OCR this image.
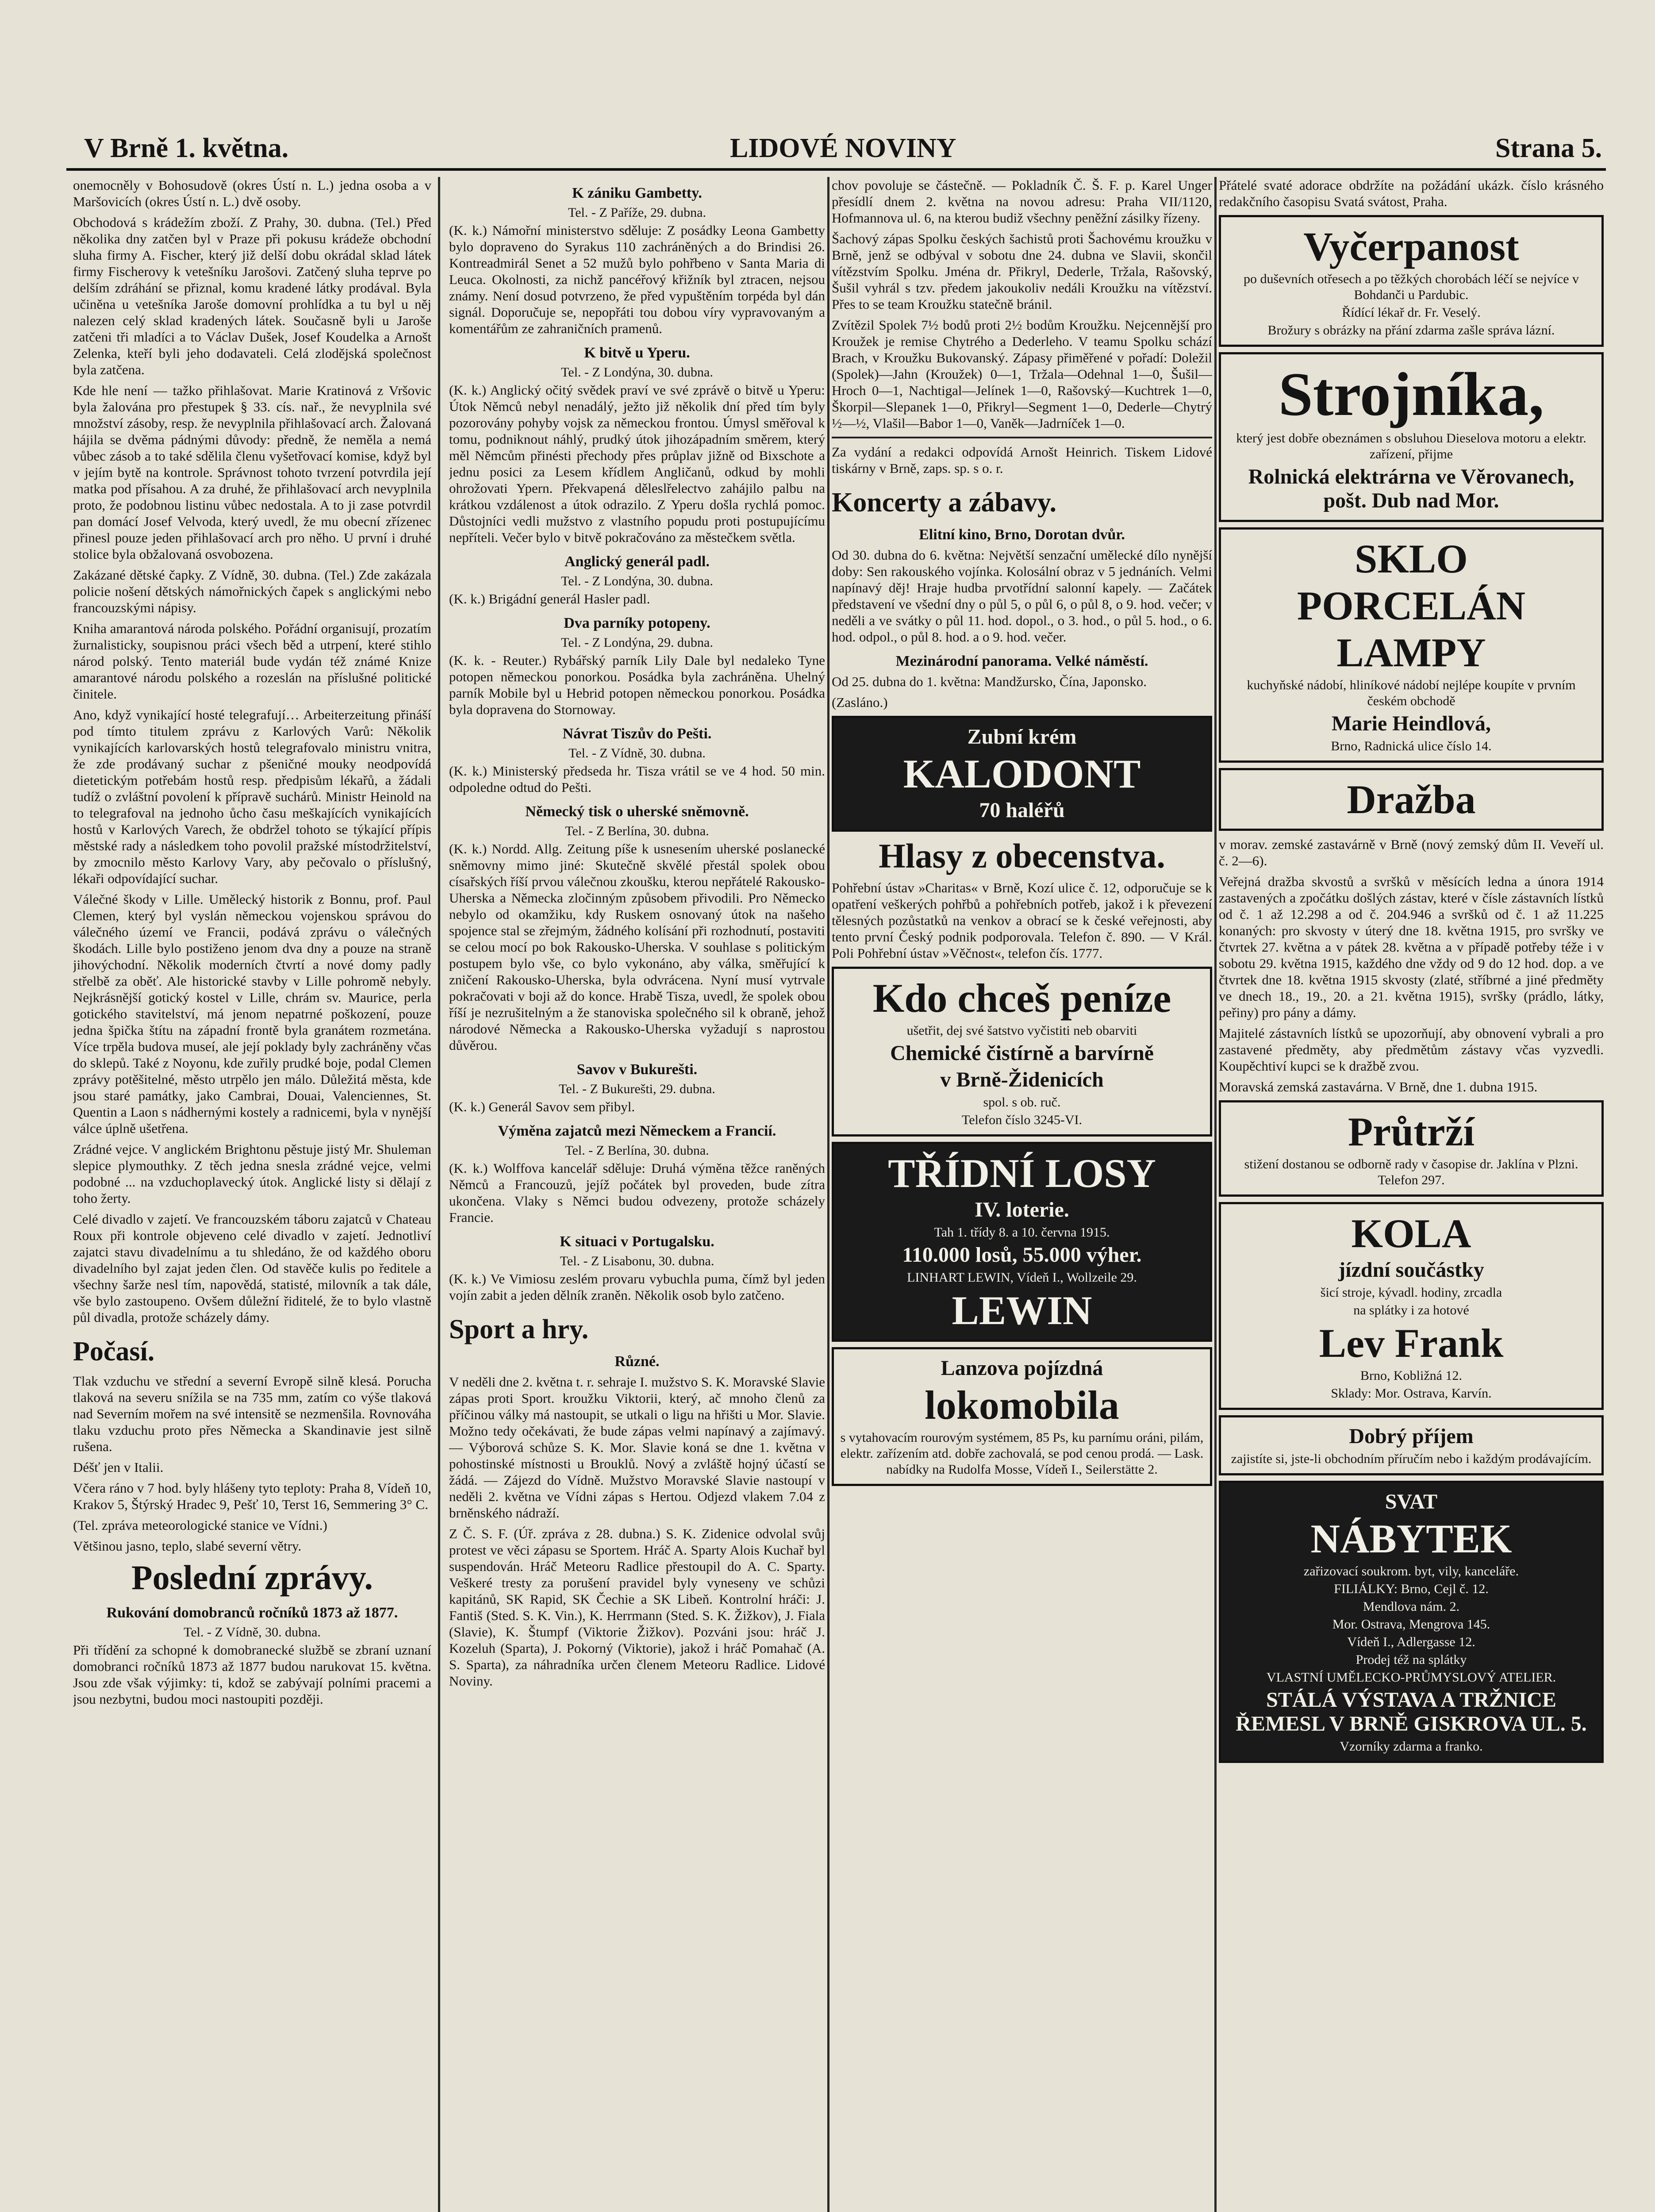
V Brně 1. května.	LIDOVÉ NOVINY	Strana 5.

onemocněly v Bohosudově (okres Ústí n. L.) jedna osoba a v Maršovicích (okres Ústí n. L.) dvě osoby.

Obchodová s krádežím zboží. Z Prahy, 30. dubna. (Tel.) Před několika dny zatčen byl v Praze při pokusu krádeže obchodní sluha firmy A. Fischer, který již delší dobu okrádal sklad látek firmy Fischerovy k vetešníku Jarošovi. Zatčený sluha teprve po delším zdráhání se přiznal, komu kradené látky prodával. Byla učiněna u vetešníka Jaroše domovní prohlídka a tu byl u něj nalezen celý sklad kradených látek. Současně byli u Jaroše zatčeni tři mladíci a to Václav Dušek, Josef Koudelka a Arnošt Zelenka, kteří byli jeho dodavateli. Celá zlodějská společnost byla zatčena.

Kde hle není — tažko přihlašovat. Marie Kratinová z Vršovic byla žalována pro přestupek § 33. cís. nař., že nevyplnila své množství zásoby, resp. že nevyplnila přihlašovací arch. Žalovaná hájila se dvěma pádnými důvody: předně, že neměla a nemá vůbec zásob a to také sdělila členu vyšetřovací komise, když byl v jejím bytě na kontrole. Správnost tohoto tvrzení potvrdila její matka pod přísahou. A za druhé, že přihlašovací arch nevyplnila proto, že podobnou listinu vůbec nedostala. A to ji zase potvrdil pan domácí Josef Velvoda, který uvedl, že mu obecní zřízenec přinesl pouze jeden přihlašovací arch pro něho. U první i druhé stolice byla obžalovaná osvobozena.

Zakázané dětské čapky. Z Vídně, 30. dubna. (Tel.) Zde zakázala policie nošení dětských námořnických čapek s anglickými nebo francouzskými nápisy.

Kniha amarantová národa polského. Pořádní organisují, prozatím žurnalisticky, soupisnou práci všech běd a utrpení, které stihlo národ polský. Tento materiál bude vydán též známé Knize amarantové národu polského a rozeslán na přísluš​né politické činitele.

Ano, když vynikající hosté telegrafují… Arbeiterzeitung přináší pod tímto titulem zprávu z Karlových Varů: Několik vynikajících karlovarských hostů telegrafovalo ministru vnitra, že zde prodávaný suchar z pšeničné mouky neodpovídá dietetickým potřebám hostů resp. předpisům lékařů, a žádali tudíž o zvláštní povolení k přípravě suchárů. Ministr Heinold na to telegrafoval na jednoho ůcho času meškajících vynikajících hostů v Karlových Varech, že obdržel tohoto se týkající přípis městské rady a následkem toho povolil pražské místodržitelství, by zmocnilo město Karlovy Vary, aby pečovalo o příslušný, lékaři odpovídající suchar.

Válečné škody v Lille. Umělecký historik z Bonnu, prof. Paul Clemen, který byl vyslán německou vojenskou správou do válečného území ve Francii, podává zprávu o válečných škodách. Lille bylo postiženo jenom dva dny a pouze na straně jihovýchodní. Několik moderních čtvrtí a nové domy padly střelbě za oběť. Ale historické stavby v Lille pohromě nebyly. Nejkrásnější gotický kostel v Lille, chrám sv. Maurice, perla gotického stavitelství, má jenom nepatrné poškození, pouze jedna špička štítu na západní frontě byla granátem rozmetána. Více trpěla budova museí, ale její poklady byly zachráněny včas do sklepů. Také z Noyonu, kde zuřily prudké boje, podal Clemen zprávy potěšitelné, město utrpělo jen málo. Důležitá města, kde jsou staré památky, jako Cambrai, Douai, Valenciennes, St. Quentin a Laon s nádhernými kostely a radnicemi, byla v nynější válce úplně ušetřena.

Zrádné vejce. V anglickém Brightonu pěstuje jistý Mr. Shuleman slepice plymouthky. Z těch jedna snesla zrádné vejce, velmi podobné ... na vzduchoplavecký útok. Anglické listy si dělají z toho žerty.

Celé divadlo v zajetí. Ve francouzském táboru zajatců v Chateau Roux při kontrole objeveno celé divadlo v zajetí. Jednotliví zajatci stavu divadelnímu a tu shledáno, že od každého oboru divadelního byl zajat jeden člen. Od stavěče kulis po ředitele a všechny šarže nesl tím, napovědá, statisté, milovník a tak dále, vše bylo zastoupeno. Ovšem důležní řiditelé, že to bylo vlastně půl divadla, protože scházely dámy.

Počasí.

Tlak vzduchu ve střední a severní Evropě silně klesá. Porucha tlaková na severu snížila se na 735 mm, zatím co výše tlaková nad Severním mořem na své intensitě se nezmenšila. Rovnováha tlaku vzduchu proto přes Německa a Skandinavie jest silně rušena.

Déšť jen v Italii.

Včera ráno v 7 hod. byly hlášeny tyto teploty: Praha 8, Vídeň 10, Krakov 5, Štýrský Hradec 9, Pešť 10, Terst 16, Semmering 3° C.

(Tel. zpráva meteorologické stanice ve Vídni.)

Většinou jasno, teplo, slabé severní větry.

Poslední zprávy.
Rukování domobranců ročníků 1873 až 1877.
Tel. - Z Vídně, 30. dubna.

Při třídění za schopné k domobranecké službě se zbraní uznaní domobranci ročníků 1873 až 1877 budou narukovat 15. května. Jsou zde však výjimky: ti, kdož se zabývají polními pracemi a jsou nezbytni, budou moci nastoupiti později.

K zániku Gambetty.
Tel. - Z Paříže, 29. dubna.

(K. k.) Námořní ministerstvo sděluje: Z posádky Leona Gambetty bylo dopraveno do Syrakus 110 zachráněných a do Brindisi 26. Kontreadmirál Senet a 52 mužů bylo pohřbeno v Santa Maria di Leuca. Okolnosti, za nichž pancéřový křižník byl ztracen, nejsou známy. Není dosud potvrzeno, že před vypuštěním torpéda byl dán signál. Doporučuje se, nepopřáti tou dobou víry vypravovaným a komentářům ze zahraničních pramenů.

K bitvě u Yperu.
Tel. - Z Londýna, 30. dubna.

(K. k.) Anglický očitý svědek praví ve své zprávě o bitvě u Yperu: Útok Němců nebyl nenadálý, ježto již několik dní před tím byly pozorovány pohyby vojsk za německou frontou. Úmysl směřoval k tomu, podniknout náhlý, prudký útok jihozápadním směrem, který měl Němcům přinésti přechody přes průplav jižně od Bixschote a jednu posici za Lesem křídlem Angličanů, odkud by mohli ohrožovati Ypern. Překvapená děleslřelectvo zahájilo palbu na krátkou vzdálenost a útok odrazilo. Z Yperu došla rychlá pomoc. Důstojníci vedli mužstvo z vlastního popudu proti postupujícímu nepříteli. Večer bylo v bitvě pokračováno za městečkem světla.

Anglický generál padl.
Tel. - Z Londýna, 30. dubna.

(K. k.) Brigádní generál Hasler padl.

Dva parníky potopeny.
Tel. - Z Londýna, 29. dubna.

(K. k. - Reuter.) Rybářský parník Lily Dale byl nedaleko Tyne potopen německou ponorkou. Posádka byla zachráněna. Uhelný parník Mobile byl u Hebrid potopen německou ponorkou. Posádka byla dopravena do Stornoway.

Návrat Tiszův do Pešti.
Tel. - Z Vídně, 30. dubna.

(K. k.) Ministerský předseda hr. Tisza vrátil se ve 4 hod. 50 min. odpoledne odtud do Pešti.

Německý tisk o uherské sněmovně.
Tel. - Z Berlína, 30. dubna.

(K. k.) Nordd. Allg. Zeitung píše k usnesením uherské poslanecké sněmovny mimo jiné: Skutečně skvělé přestál spolek obou císařských říší prvou válečnou zkoušku, kterou nepřátelé Rakousko-Uherska a Německa zločinným způsobem přivodili. Pro Německo nebylo od okamžiku, kdy Ruskem osnovaný útok na našeho spojence stal se zřejmým, žádného kolísání při rozhodnutí, postaviti se celou mocí po bok Rakousko-Uherska. V souhlase s politickým postupem bylo vše, co bylo vykonáno, aby válka, směřující k zničení Rakousko-Uherska, byla odvrácena. Nyní musí vytrvale pokračovati v boji až do konce. Hrabě Tisza, uvedl, že spolek obou říší je nezrušitelným a že stanoviska sp​olečného sil k obraně, jehož národové Německa a Rakousko-Uherska vyžadují s naprostou důvěrou.

Savov v Bukurešti.
Tel. - Z Bukurešti, 29. dubna.

(K. k.) Generál Savov sem přibyl.

Výměna zajatců mezi Německem a Francií.
Tel. - Z Berlína, 30. dubna.

(K. k.) Wolffova kancelář sděluje: Druhá výměna těžce raněných Němců a Francouzů, jejíž počátek byl proveden, bude zítra ukončena. Vlaky s Němci budou odvezeny, protože scházely Francie.

K situaci v Portugalsku.
Tel. - Z Lisabonu, 30. dubna.

(K. k.) Ve Vimiosu zeslém provaru vybuchla puma, čímž byl jeden vojín zabit a jeden dělník zraněn. Několik osob bylo zatčeno.

Sport a hry.
Různé.

V neděli dne 2. května t. r. sehraje I. mužstvo S. K. Moravské Slavie zápas proti Sport. kroužku Viktorii, který, ač mnoho členů za příčinou války má nastoupit, se utkali o ligu na hřišti u Mor. Slavie. Možno tedy očekávati, že bude zápas velmi napínavý a zajímavý. — Výborová schůze S. K. Mor. Slavie koná se dne 1. května v pohostinské místnosti u Brouklů. Nový a zvláště hojný účastí se žádá. — Zájezd do Vídně. Mužstvo Moravské Slavie nastoupí v neděli 2. května ve Vídni zápas s Hertou. Odjezd vlakem 7.04 z brněnského nádraží.

Z Č. S. F. (Úř. zpráva z 28. dubna.) S. K. Zidenice odvolal svůj protest ve věci zápasu se Sportem. Hráč A. Sparty Alois Kuchař byl suspendován. Hráč Meteoru Radlice přestoupil do A. C. Sparty. Veškeré tresty za porušení pravidel byly vyneseny ve schůzi kapitánů, SK Rapid, SK Čechie a SK Libeň. Kontrolní hráči: J. Fantiš (Sted. S. K. Vin.), K. Herrmann (Sted. S. K. Žižkov), J. Fiala (Slavie), K. Štumpf (Viktorie Žižkov). Pozváni jsou: hráč J. Kozeluh (Sparta), J. Pokorný (Viktorie), jakož i hráč Pomahač (A. S. Sparta), za náhradníka určen členem Meteoru Radlice. Lidové Noviny.

chov povoluje se částečně. — Pokladník Č. Š. F. p. Karel Unger přesídlí dnem 2. května na novou adresu: Praha VII/1120, Hofmannova ul. 6, na kterou budiž všechny peněžní zásilky řízeny.

Šachový zápas Spolku českých šachistů proti Šachovému kroužku v Brně, jenž se odbýval v sobotu dne 24. dubna ve Slavii, skončil vítězstvím Spolku. Jména dr. Přikryl, Dederle, Tržala, Rašovský, Šušil vyhrál s tzv. předem jakoukoliv nedáli Kroužku na vítězství. Přes to se team Kroužku statečně bránil.

Zvítězil Spolek 7½ bodů proti 2½ bodům Kroužku. Nejcennější pro Kroužek je remise Chytrého a Dederleho. V teamu Spolku schází Brach, v Kroužku Bukovanský. Zápasy přiměřené v pořadí: Doležil (Spolek)—Jahn (Kroužek) 0—1, Tržala—Odehnal 1—0, Šušil—Hroch 0—1, Nachtigal—Jelínek 1—0, Rašovský—Kuchtrek 1—0, Škorpil—Slepanek 1—0, Přikryl—Segment 1—0, Dederle—Chytrý ½—½, Vlašil—Babor 1—0, Vaněk—Jadrníček 1—0.

Za vydání a redakci odpovídá Arnošt Heinrich. Tiskem Lidové tiskárny v Brně, zaps. sp. s o. r.

Koncerty a zábavy.
Elitní kino, Brno, Dorotan dvůr.

Od 30. dubna do 6. května: Největší senzační umělecké dílo nynější doby: Sen rakouského vojínka. Kolosální obraz v 5 jednáních. Velmi napínavý děj! Hraje hudba prvotřídní salonní kapely. — Začátek představení ve všední dny o půl 5, o půl 6, o půl 8, o 9. hod. večer; v neděli a ve svátky o půl 11. hod. dopol., o 3. hod., o půl 5. hod., o 6. hod. odpol., o půl 8. hod. a o 9. hod. večer.

Mezinárodní panorama. Velké náměstí.

Od 25. dubna do 1. května: Mandžursko, Čína, Japonsko.

(Zasláno.)

Zubní krém
KALODONT
70 haléřů
Hlasy z obecenstva.

Pohřební ústav »Charitas« v Brně, Kozí ulice č. 12, odporučuje se k opatření veškerých pohřbů a pohřebních potřeb, jakož i k převezení tělesných pozůstatků na venkov a obrací se k české veřejnosti, aby tento první Český podnik podporovala. Telefon č. 890. — V Král. Poli Pohřební ústav »Věčnost«, telefon čís. 1777.

Kdo chceš peníze
ušetřit, dej své šatstvo vyčistiti neb obarviti
Chemické čistírně a barvírně
v Brně-Židenicích
spol. s ob. ruč.
Telefon číslo 3245-VI.
TŘÍDNÍ LOSY
IV. loterie.
Tah 1. třídy 8. a 10. června 1915.
110.000 losů, 55.000 výher.
LINHART LEWIN, Vídeň I., Wollzeile 29.
LEWIN
Lanzova pojízdná
lokomobila
s vytahovacím rourovým systémem, 85 Ps, ku parnímu oráni, pilám, elektr. zařízením atd. dobře zachovalá, se pod cenou prodá. — Lask. nabídky na Rudolfa Mosse, Vídeň I., Seilerstätte 2.

Přátelé svaté adorace obdržíte na požádání ukázk. číslo krásného redakčního časopisu Svatá svátost, Praha.

Vyčerpanost
po duševních otřesech a po těžkých chorobách léčí se nejvíce v Bohdanči u Pardubic.
Řídící lékař dr. Fr. Veselý.
Brožury s obrázky na přání zdarma zašle správa lázní.
Strojníka,
který jest dobře obeznámen s obsluhou Dieselova motoru a elektr. zařízení, přijme
Rolnická elektrárna ve Věrovanech, pošt. Dub nad Mor.
SKLO
PORCELÁN
LAMPY
kuchyňské nádobí, hliníkové nádobí nejlépe koupíte v prvním českém obchodě
Marie Heindlová,
Brno, Radnická ulice číslo 14.
Dražba

v morav. zemské zastavárně v Brně (nový zemský dům II. Veveří ul. č. 2—6).

Veřejná dražba skvostů a svršků v měsících ledna a února 1914 zastavených a zpočátku došlých zástav, které v čísle zástavních lístků od č. 1 až 12.298 a od č. 204.946 a svršků od č. 1 až 11.225 konaných: pro skvosty v úterý dne 18. května 1915, pro svršky ve čtvrtek 27. května a v pátek 28. května a v případě potřeby téže i v sobotu 29. května 1915, každého dne vždy od 9 do 12 hod. dop. a ve čtvrtek dne 18. května 1915 skvosty (zlaté, stříbrné a jiné předměty ve dnech 18., 19., 20. a 21. května 1915), svršky (prádlo, látky, peřiny) pro pány a dámy.

Majitelé zástavních lístků se upozorňují, aby obnovení vybrali a pro zastavené předměty, aby předmětům zástavy včas vyzvedli. Koupěchtiví kupci se k dražbě zvou.

Moravská zemská zastavárna. V Brně, dne 1. dubna 1915.

Průtrží
stižení dostanou se odborně rady v časopise dr. Jaklína v Plzni. Telefon 297.
KOLA
jízdní součástky
šicí stroje, kývadl. hodiny, zrcadla
na splátky i za hotové
Lev Frank
Brno, Kobližná 12.
Sklady: Mor. Ostrava, Karvín.
Dobrý příjem
zajistíte si, jste-li obchodním příručím nebo i každým prodávajícím.
SVAT
NÁBYTEK
zařizovací soukrom. byt, vily, kanceláře.
FILIÁLKY: Brno, Cejl č. 12.
Mendlova nám. 2.
Mor. Ostrava, Mengrova 145.
Vídeň I., Adlergasse 12.
Prodej též na splátky
VLASTNÍ UMĚLECKO-PRŮMYSLOVÝ ATELIER.
STÁLÁ VÝSTAVA A TRŽNICE ŘEMESL V BRNĚ GISKROVA UL. 5.
Vzorníky zdarma a franko.
